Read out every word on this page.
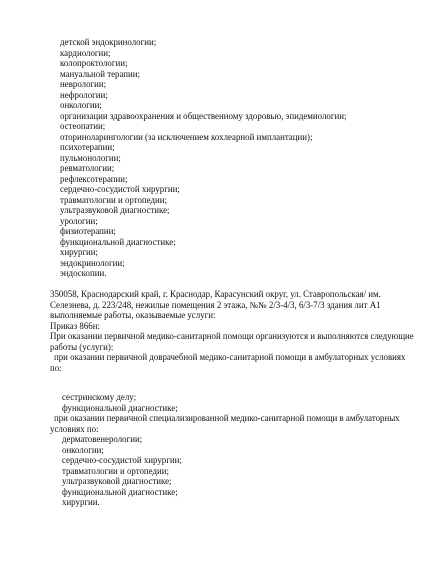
детской эндокринологии;
кардиологии;
колопроктологии;
мануальной терапии;
неврологии;
нефрологии;
онкологии;
организации здравоохранения и общественному здоровью, эпидемиологии;
остеопатии;
оториноларингологии (за исключением кохлеарной имплантации);
психотерапии;
пульмонологии;
ревматологии;
рефлексотерапии;
сердечно-сосудистой хирургии;
травматологии и ортопедии;
ультразвуковой диагностике;
урологии;
физиотерапии;
функциональной диагностике;
хирургии;
эндокринологии;
эндоскопии.
350058, Краснодарский край, г. Краснодар, Карасунский округ, ул. Ставропольская/ им.
Селезнева, д. 223/248, нежилые помещения 2 этажа, №№ 2/3-4/3, 6/3-7/3 здания лит А1
выполняемые работы, оказываемые услуги:
Приказ 866н:
При оказании первичной медико-санитарной помощи организуются и выполняются следующие
работы (услуги):
при оказании первичной доврачебной медико-санитарной помощи в амбулаторных условиях
по:
сестринскому делу;
функциональной диагностике;
при оказании первичной специализированной медико-санитарной помощи в амбулаторных
условиях по:
дерматовенерологии;
онкологии;
сердечно-сосудистой хирургии;
травматологии и ортопедии;
ультразвуковой диагностике;
функциональной диагностике;
хирургии.
